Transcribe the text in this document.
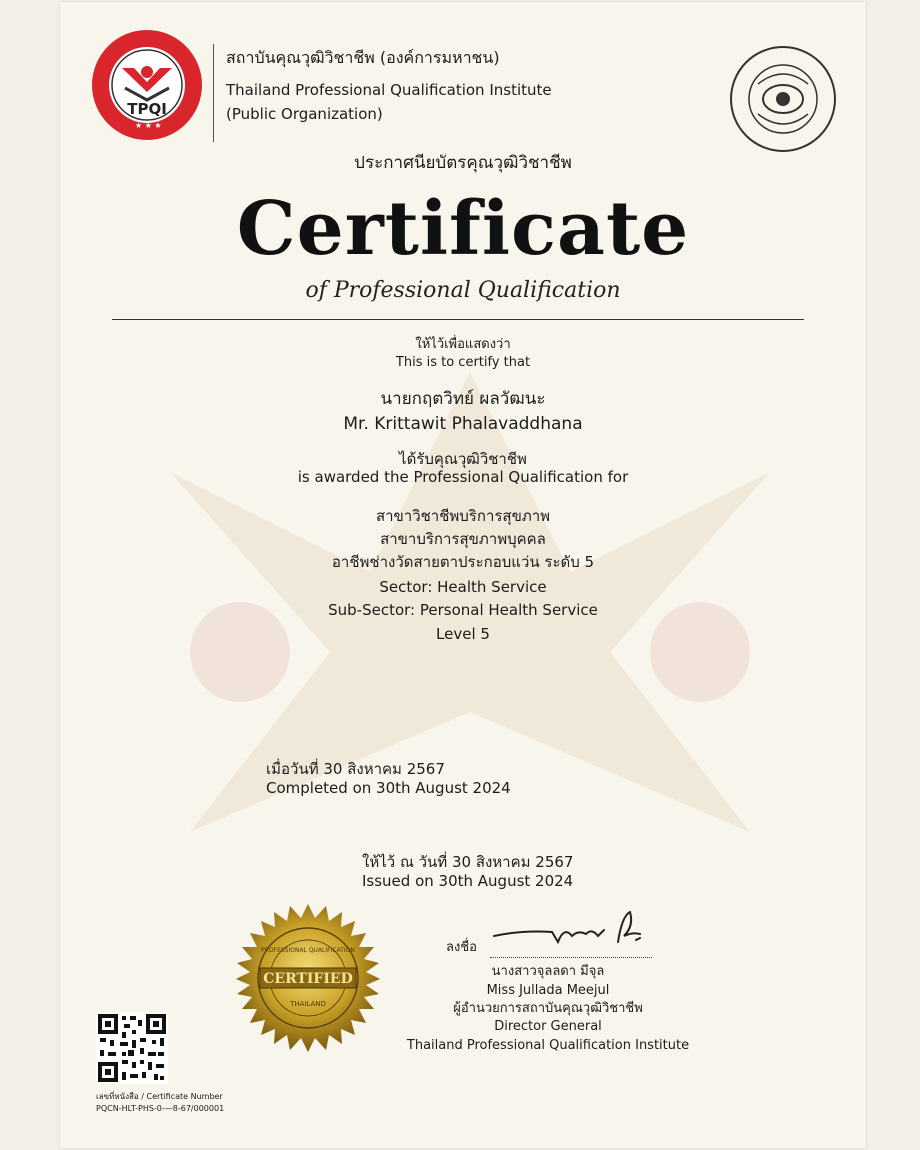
TPQI
★ ★ ★
สถาบันคุณวุฒิวิชาชีพ (องค์การมหาชน)
Thailand Professional Qualification Institute
(Public Organization)
ประกาศนียบัตรคุณวุฒิวิชาชีพ
Certificate
of Professional Qualification
ให้ไว้เพื่อแสดงว่า
This is to certify that
นายกฤตวิทย์ ผลวัฒนะ
Mr. Krittawit Phalavaddhana
ได้รับคุณวุฒิวิชาชีพ
is awarded the Professional Qualification for
สาขาวิชาชีพบริการสุขภาพ
สาขาบริการสุขภาพบุคคล
อาชีพช่างวัดสายตาประกอบแว่น ระดับ 5
Sector: Health Service
Sub-Sector: Personal Health Service
Level 5
เมื่อวันที่ 30 สิงหาคม 2567
Completed on 30th August 2024
ให้ไว้ ณ วันที่ 30 สิงหาคม 2567
Issued on 30th August 2024
CERTIFIED
PROFESSIONAL QUALIFICATION
THAILAND
ลงชื่อ
นางสาวจุลลดา มีจุล
Miss Jullada Meejul
ผู้อำนวยการสถาบันคุณวุฒิวิชาชีพ
Director General
Thailand Professional Qualification Institute
เลขที่หนังสือ / Certificate Number
PQCN-HLT-PHS-0-—8-67/000001
